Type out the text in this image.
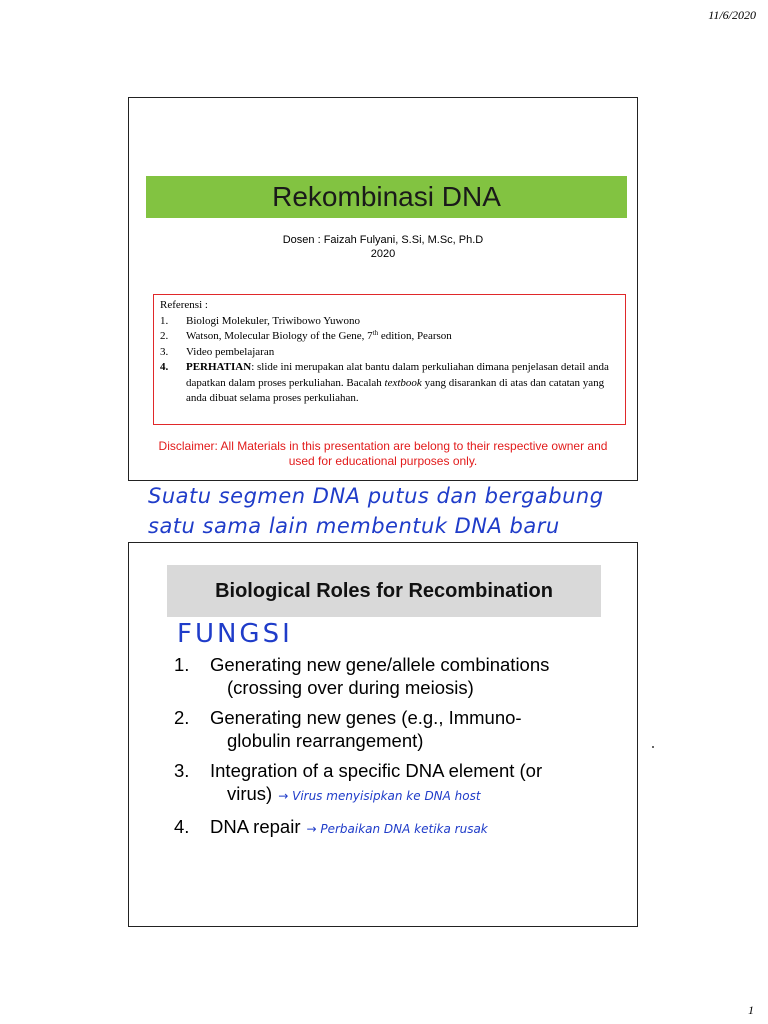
11/6/2020
Rekombinasi DNA
Dosen : Faizah Fulyani, S.Si, M.Sc, Ph.D
2020
Referensi :
1.	Biologi Molekuler, Triwibowo Yuwono
2.	Watson, Molecular Biology of the Gene, 7th edition, Pearson
3.	Video pembelajaran
4.	PERHATIAN: slide ini merupakan alat bantu dalam perkuliahan dimana penjelasan detail anda dapatkan dalam proses perkuliahan. Bacalah textbook yang disarankan di atas dan catatan yang anda dibuat selama proses perkuliahan.
Disclaimer: All Materials in this presentation are belong to their respective owner and
used for educational purposes only.
Suatu segmen DNA putus dan bergabung
satu sama lain membentuk DNA baru
Biological Roles for Recombination
FUNGSI
1.	Generating new gene/allele combinations
(crossing over during meiosis)
2.	Generating new genes (e.g., Immuno-
globulin rearrangement)
3.	Integration of a specific DNA element (or
virus) → Virus menyisipkan ke DNA host
4.	DNA repair → Perbaikan DNA ketika rusak
1
